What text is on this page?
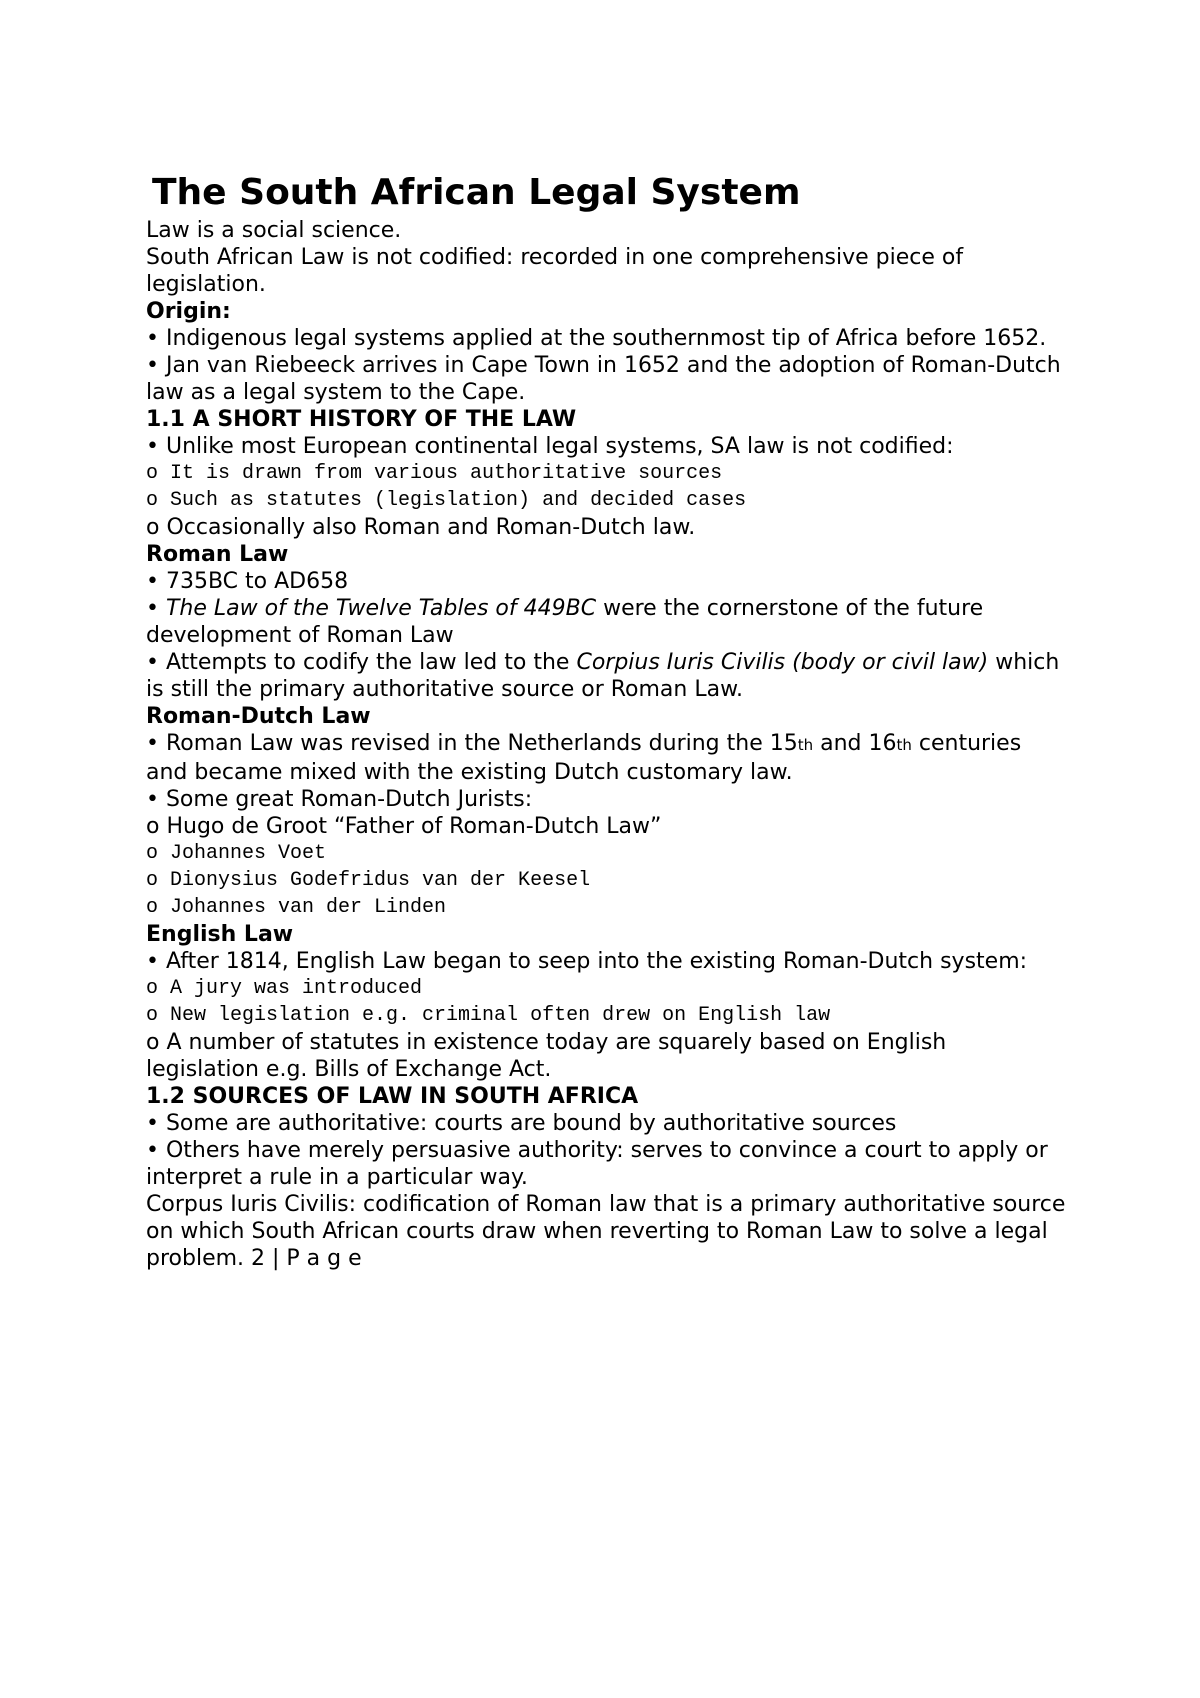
The South African Legal System
Law is a social science.
South African Law is not codified: recorded in one comprehensive piece of legislation.
Origin:
• Indigenous legal systems applied at the southernmost tip of Africa before 1652.
• Jan van Riebeeck arrives in Cape Town in 1652 and the adoption of Roman-Dutch law as a legal system to the Cape.
1.1 A SHORT HISTORY OF THE LAW
• Unlike most European continental legal systems, SA law is not codified:
o It is drawn from various authoritative sources
o Such as statutes (legislation) and decided cases
o Occasionally also Roman and Roman-Dutch law.
Roman Law
• 735BC to AD658
• The Law of the Twelve Tables of 449BC were the cornerstone of the future development of Roman Law
• Attempts to codify the law led to the Corpius Iuris Civilis (body or civil law) which is still the primary authoritative source or Roman Law.
Roman-Dutch Law
• Roman Law was revised in the Netherlands during the 15th and 16th centuries and became mixed with the existing Dutch customary law.
• Some great Roman-Dutch Jurists:
o Hugo de Groot “Father of Roman-Dutch Law”
o Johannes Voet
o Dionysius Godefridus van der Keesel
o Johannes van der Linden
English Law
• After 1814, English Law began to seep into the existing Roman-Dutch system:
o A jury was introduced
o New legislation e.g. criminal often drew on English law
o A number of statutes in existence today are squarely based on English legislation e.g. Bills of Exchange Act.
1.2 SOURCES OF LAW IN SOUTH AFRICA
• Some are authoritative: courts are bound by authoritative sources
• Others have merely persuasive authority: serves to convince a court to apply or interpret a rule in a particular way.
Corpus Iuris Civilis: codification of Roman law that is a primary authoritative source on which South African courts draw when reverting to Roman Law to solve a legal problem. 2 | P a g e
